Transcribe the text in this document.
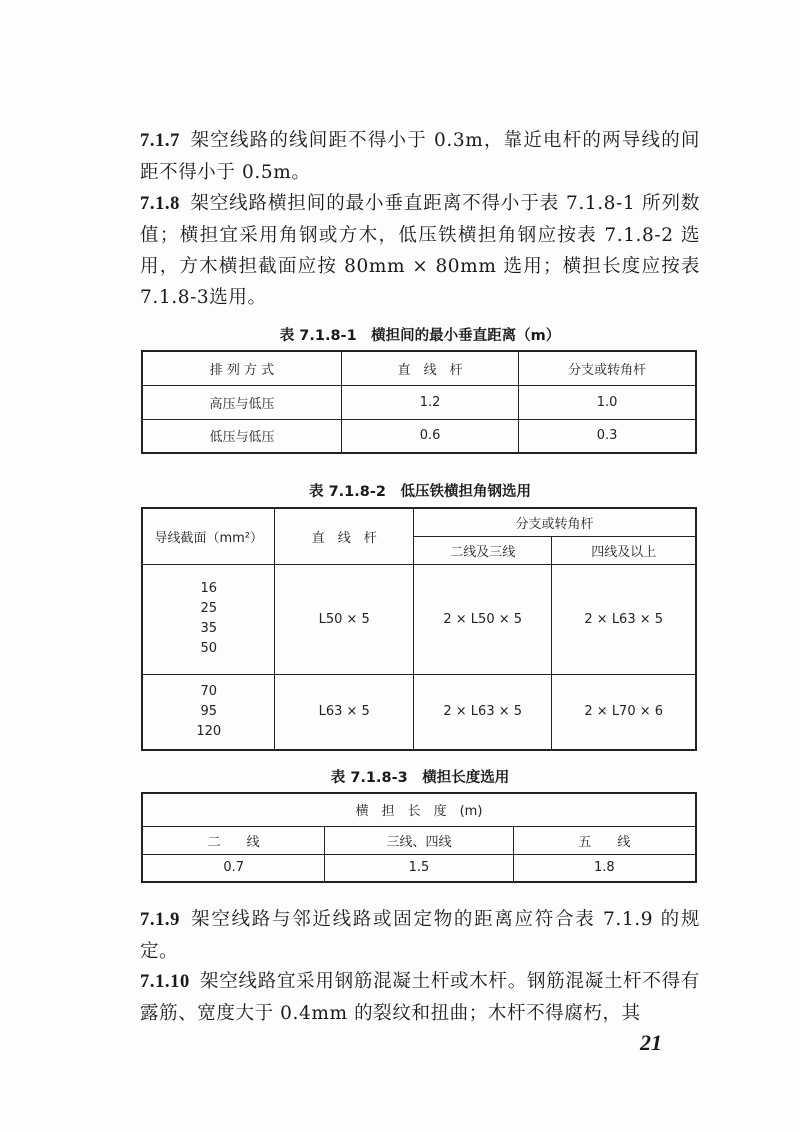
7.1.7 架空线路的线间距不得小于 0.3m，靠近电杆的两导线的间距不得小于 0.5m。
7.1.8 架空线路横担间的最小垂直距离不得小于表 7.1.8-1 所列数值；横担宜采用角钢或方木，低压铁横担角钢应按表 7.1.8-2 选用，方木横担截面应按 80mm × 80mm 选用；横担长度应按表 7.1.8-3选用。
表 7.1.8-1　横担间的最小垂直距离（m）
排 列 方 式	直　线　杆	分支或转角杆
高压与低压	1.2	1.0
低压与低压	0.6	0.3
表 7.1.8-2　低压铁横担角钢选用
导线截面（mm²）	直　线　杆	分支或转角杆	
		二线及三线	四线及以上

16
25
35
50	L50 × 5	2 × L50 × 5	2 × L63 × 5

70
95
120	L63 × 5	2 × L63 × 5	2 × L70 × 6
表 7.1.8-3　横担长度选用
横　担　长　度　(m)		
二　　线	三线、四线	五　　线
0.7	1.5	1.8
7.1.9 架空线路与邻近线路或固定物的距离应符合表 7.1.9 的规定。
7.1.10 架空线路宜采用钢筋混凝土杆或木杆。钢筋混凝土杆不得有露筋、宽度大于 0.4mm 的裂纹和扭曲；木杆不得腐朽，其
21
